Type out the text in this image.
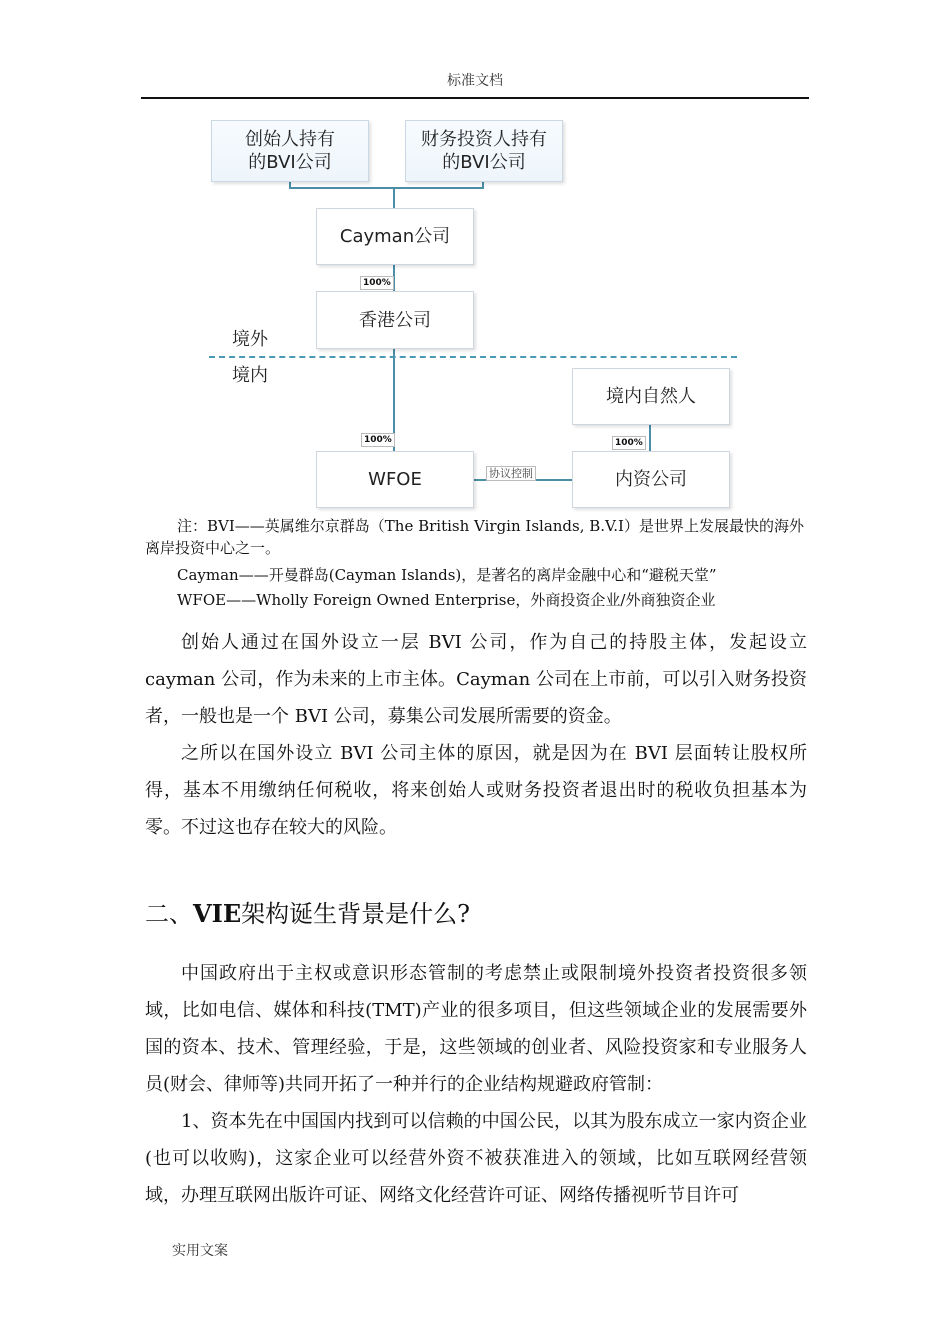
标准文档
创始人持有
的BVI公司
财务投资人持有
的BVI公司
Cayman公司
香港公司
境内自然人
WFOE	内资公司
100%
100%	100%
境外
境内
协议控制
注：BVI——英属维尔京群岛（The British Virgin Islands, B.V.I）是世界上发展最快的海外离岸投资中心之一。
Cayman——开曼群岛(Cayman Islands)，是著名的离岸金融中心和“避税天堂”
WFOE——Wholly Foreign Owned Enterprise，外商投资企业/外商独资企业

创始人通过在国外设立一层 BVI 公司，作为自己的持股主体，发起设立 cayman 公司，作为未来的上市主体。Cayman 公司在上市前，可以引入财务投资者，一般也是一个 BVI 公司，募集公司发展所需要的资金。

之所以在国外设立 BVI 公司主体的原因，就是因为在 BVI 层面转让股权所得，基本不用缴纳任何税收，将来创始人或财务投资者退出时的税收负担基本为零。不过这也存在较大的风险。

二、VIE架构诞生背景是什么?

中国政府出于主权或意识形态管制的考虑禁止或限制境外投资者投资很多领域，比如电信、媒体和科技(TMT)产业的很多项目，但这些领域企业的发展需要外国的资本、技术、管理经验，于是，这些领域的创业者、风险投资家和专业服务人员(财会、律师等)共同开拓了一种并行的企业结构规避政府管制：

1、资本先在中国国内找到可以信赖的中国公民，以其为股东成立一家内资企业(也可以收购)，这家企业可以经营外资不被获准进入的领域，比如互联网经营领域，办理互联网出版许可证、网络文化经营许可证、网络传播视听节目许可

实用文案
